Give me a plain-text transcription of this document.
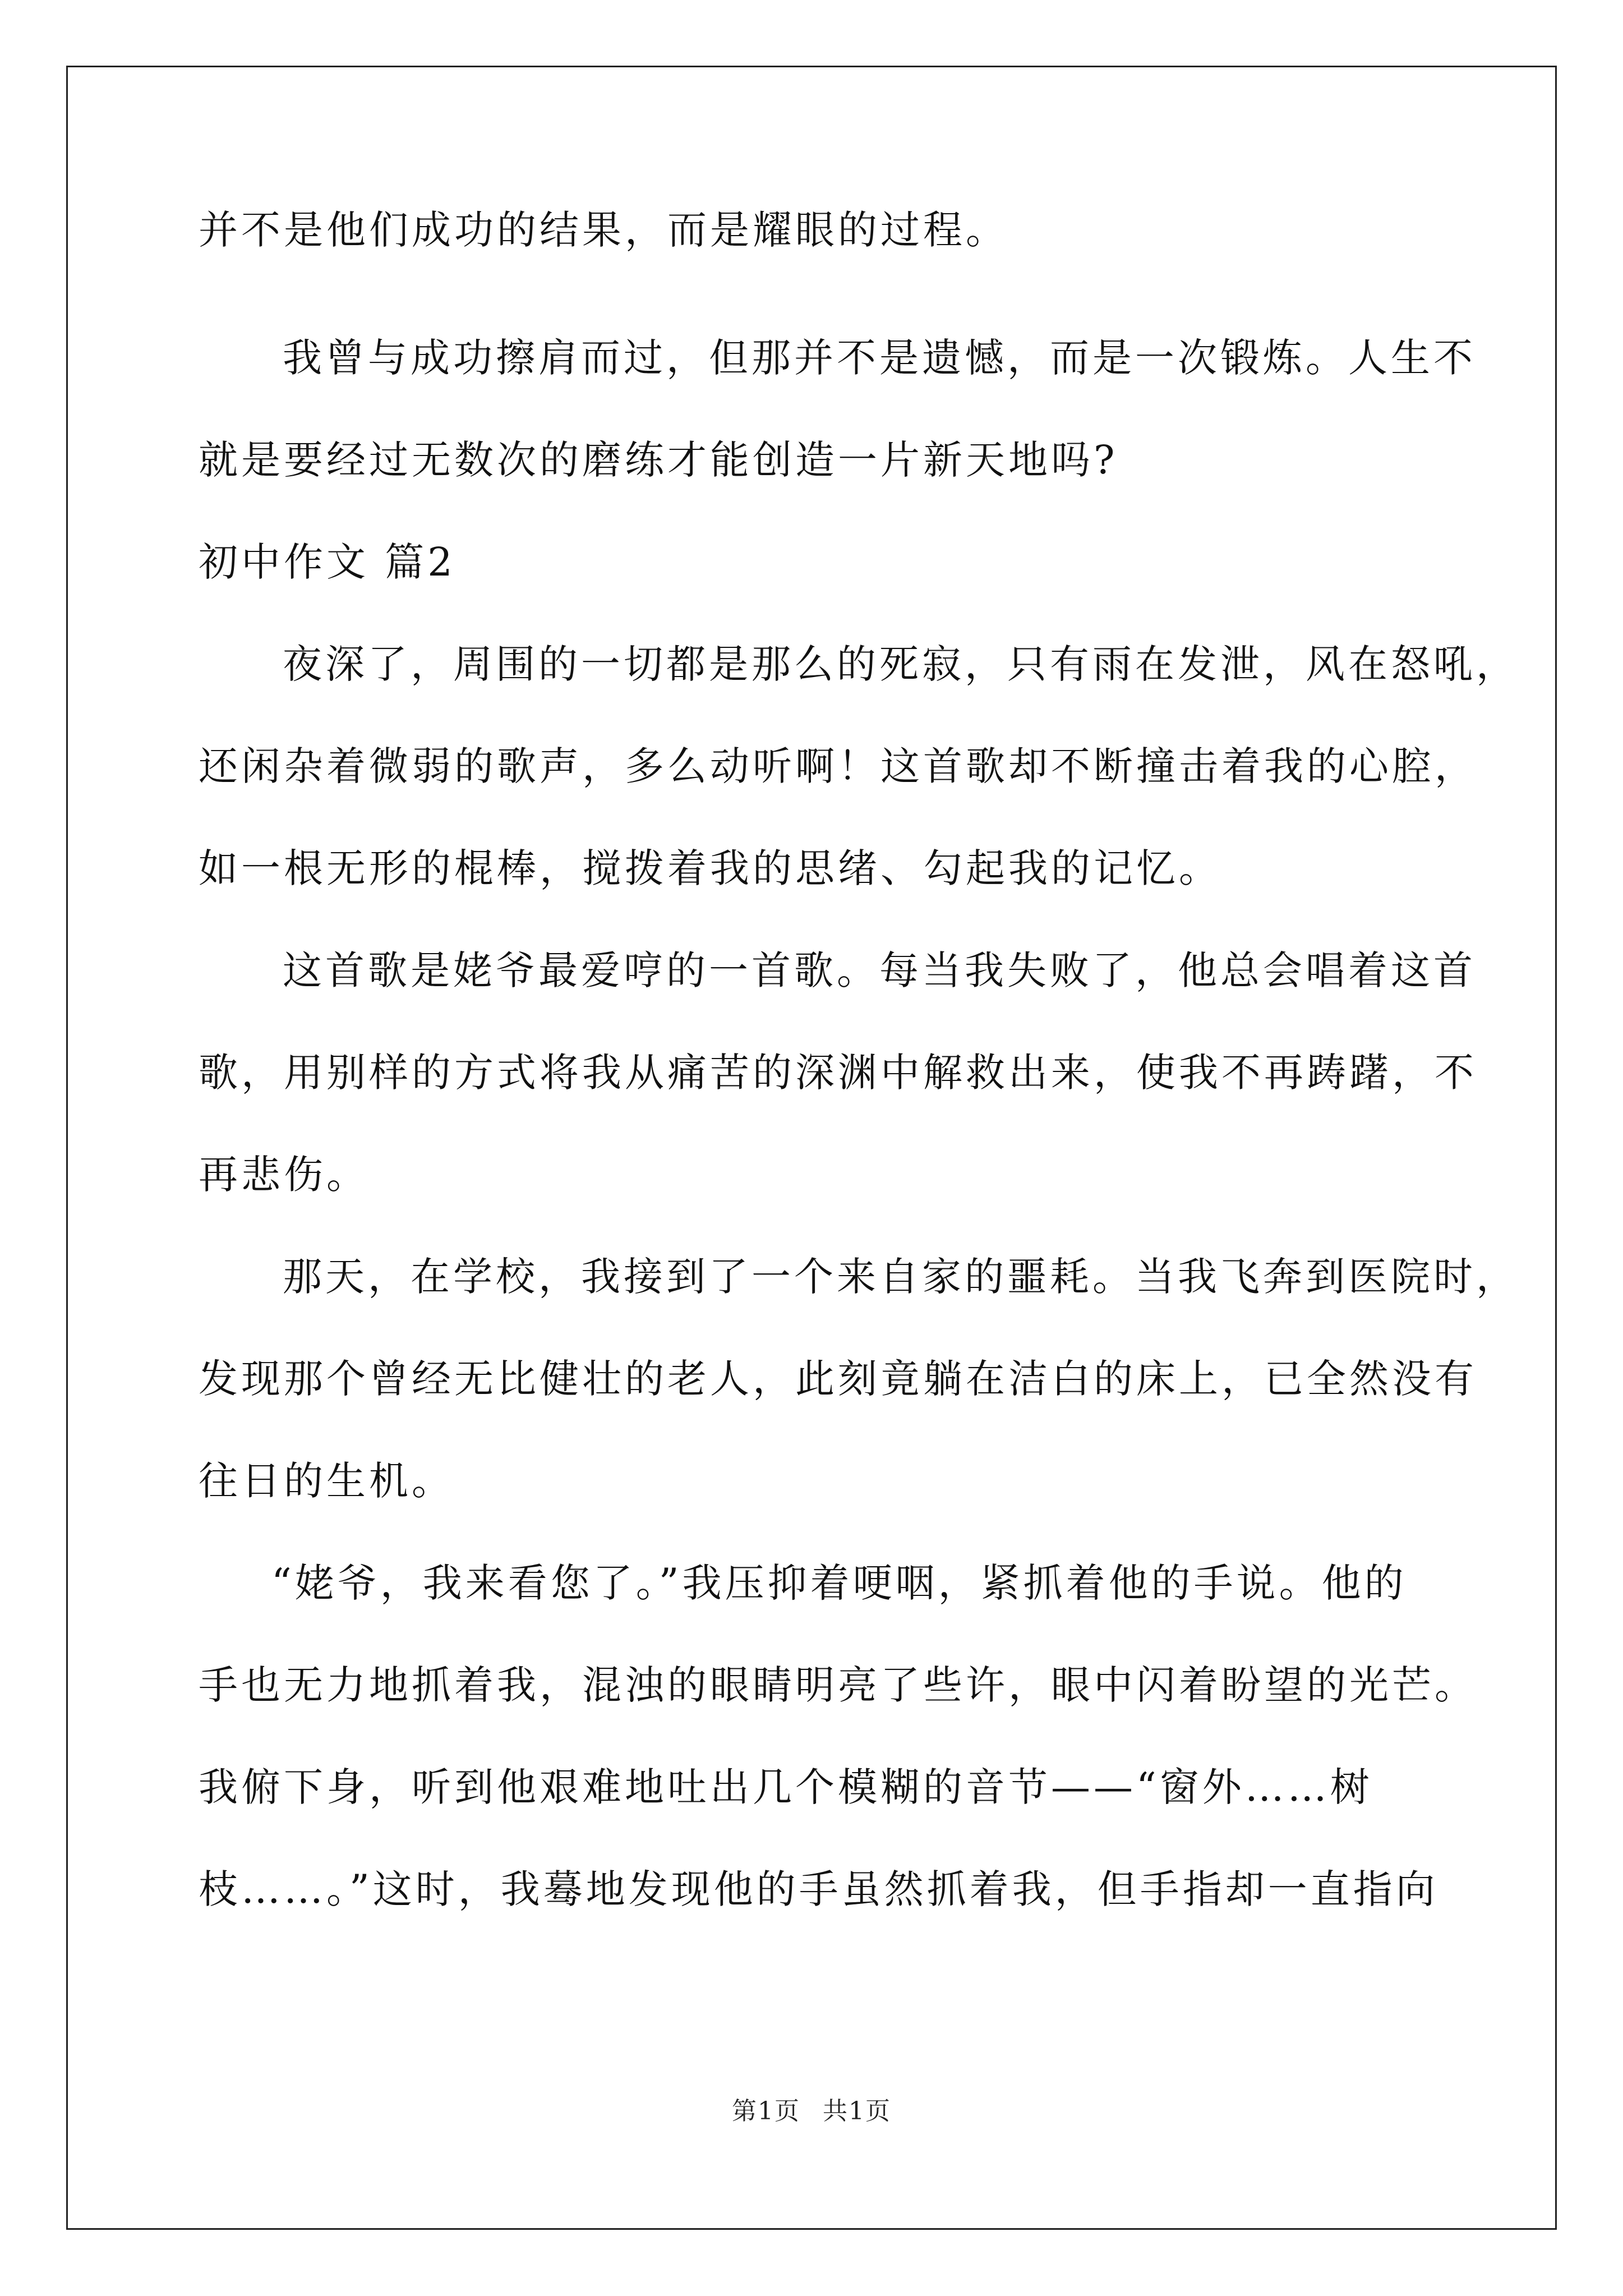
并不是他们成功的结果，而是耀眼的过程。
我曾与成功擦肩而过，但那并不是遗憾，而是一次锻炼。人生不
就是要经过无数次的磨练才能创造一片新天地吗?
初中作文 篇2
夜深了，周围的一切都是那么的死寂，只有雨在发泄，风在怒吼，
还闲杂着微弱的歌声，多么动听啊！这首歌却不断撞击着我的心腔，
如一根无形的棍棒，搅拨着我的思绪、勾起我的记忆。
这首歌是姥爷最爱哼的一首歌。每当我失败了，他总会唱着这首
歌，用别样的方式将我从痛苦的深渊中解救出来，使我不再踌躇，不
再悲伤。
那天，在学校，我接到了一个来自家的噩耗。当我飞奔到医院时，
发现那个曾经无比健壮的老人，此刻竟躺在洁白的床上，已全然没有
往日的生机。
“姥爷，我来看您了。”我压抑着哽咽，紧抓着他的手说。他的
手也无力地抓着我，混浊的眼睛明亮了些许，眼中闪着盼望的光芒。
我俯下身，听到他艰难地吐出几个模糊的音节——“窗外……树
枝……。”这时，我蓦地发现他的手虽然抓着我，但手指却一直指向
第1页 共1页
